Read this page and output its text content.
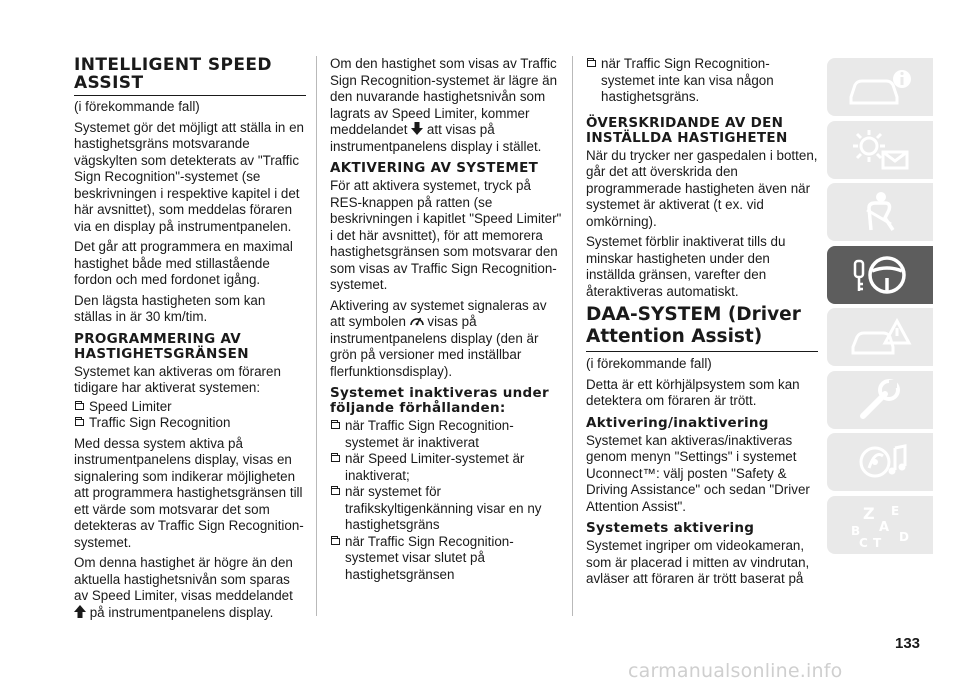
INTELLIGENT SPEED ASSIST

(i förekommande fall)

Systemet gör det möjligt att ställa in en hastighetsgräns motsvarande vägskylten som detekterats av "Traffic Sign Recognition"-systemet (se beskrivningen i respektive kapitel i det här avsnittet), som meddelas föraren via en display på instrumentpanelen.

Det går att programmera en maximal hastighet både med stillastående fordon och med fordonet igång.

Den lägsta hastigheten som kan ställas in är 30 km/tim.

PROGRAMMERING AV HASTIGHETSGRÄNSEN

Systemet kan aktiveras om föraren tidigare har aktiverat systemen:

Speed Limiter
Traffic Sign Recognition

Med dessa system aktiva på instrumentpanelens display, visas en signalering som indikerar möjligheten att programmera hastighetsgränsen till ett värde som motsvarar det som detekteras av Traffic Sign Recognition-systemet.

Om denna hastighet är högre än den aktuella hastighetsnivån som sparas av Speed Limiter, visas meddelandet  på instrumentpanelens display.

Om den hastighet som visas av Traffic Sign Recognition-systemet är lägre än den nuvarande hastighetsnivån som lagrats av Speed Limiter, kommer meddelandet att visas på instrumentpanelens display i stället.

AKTIVERING AV SYSTEMET

För att aktivera systemet, tryck på RES-knappen på ratten (se beskrivningen i kapitlet "Speed Limiter" i det här avsnittet), för att memorera hastighetsgränsen som motsvarar den som visas av Traffic Sign Recognition-systemet.

Aktivering av systemet signaleras av att symbolen visas på instrumentpanelens display (den är grön på versioner med inställbar flerfunktionsdisplay).

Systemet inaktiveras under följande förhållanden:
när Traffic Sign Recognition-systemet är inaktiverat
när Speed Limiter-systemet är inaktiverat;
när systemet för trafikskyltigenkänning visar en ny hastighetsgräns
när Traffic Sign Recognition-systemet visar slutet på hastighetsgränsen
när Traffic Sign Recognition-systemet inte kan visa någon hastighetsgräns.
ÖVERSKRIDANDE AV DEN INSTÄLLDA HASTIGHETEN

När du trycker ner gaspedalen i botten, går det att överskrida den programmerade hastigheten även när systemet är aktiverat (t ex. vid omkörning).

Systemet förblir inaktiverat tills du minskar hastigheten under den inställda gränsen, varefter den återaktiveras automatiskt.

DAA-SYSTEM (Driver Attention Assist)

(i förekommande fall)

Detta är ett körhjälpsystem som kan detektera om föraren är trött.

Aktivering/inaktivering

Systemet kan aktiveras/inaktiveras genom menyn "Settings" i systemet Uconnect™: välj posten "Safety & Driving Assistance" och sedan "Driver Attention Assist".

Systemets aktivering

Systemet ingriper om videokameran, som är placerad i mitten av vindrutan, avläser att föraren är trött baserat på

Z E
A
B
C T D
133
carmanualsonline.info
